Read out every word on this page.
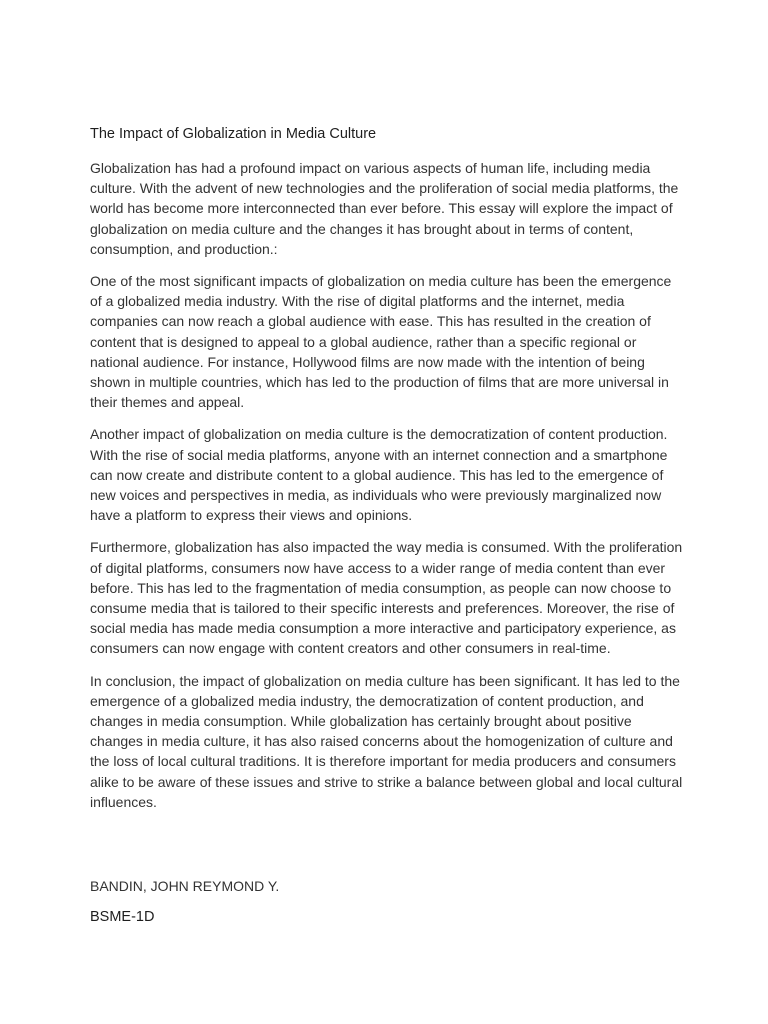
The Impact of Globalization in Media Culture

Globalization has had a profound impact on various aspects of human life, including media culture. With the advent of new technologies and the proliferation of social media platforms, the world has become more interconnected than ever before. This essay will explore the impact of globalization on media culture and the changes it has brought about in terms of content, consumption, and production.:

One of the most significant impacts of globalization on media culture has been the emergence of a globalized media industry. With the rise of digital platforms and the internet, media companies can now reach a global audience with ease. This has resulted in the creation of content that is designed to appeal to a global audience, rather than a specific regional or national audience. For instance, Hollywood films are now made with the intention of being shown in multiple countries, which has led to the production of films that are more universal in their themes and appeal.

Another impact of globalization on media culture is the democratization of content production. With the rise of social media platforms, anyone with an internet connection and a smartphone can now create and distribute content to a global audience. This has led to the emergence of new voices and perspectives in media, as individuals who were previously marginalized now have a platform to express their views and opinions.

Furthermore, globalization has also impacted the way media is consumed. With the proliferation of digital platforms, consumers now have access to a wider range of media content than ever before. This has led to the fragmentation of media consumption, as people can now choose to consume media that is tailored to their specific interests and preferences. Moreover, the rise of social media has made media consumption a more interactive and participatory experience, as consumers can now engage with content creators and other consumers in real-time.

In conclusion, the impact of globalization on media culture has been significant. It has led to the emergence of a globalized media industry, the democratization of content production, and changes in media consumption. While globalization has certainly brought about positive changes in media culture, it has also raised concerns about the homogenization of culture and the loss of local cultural traditions. It is therefore important for media producers and consumers alike to be aware of these issues and strive to strike a balance between global and local cultural influences.

BANDIN, JOHN REYMOND Y.
BSME-1D
